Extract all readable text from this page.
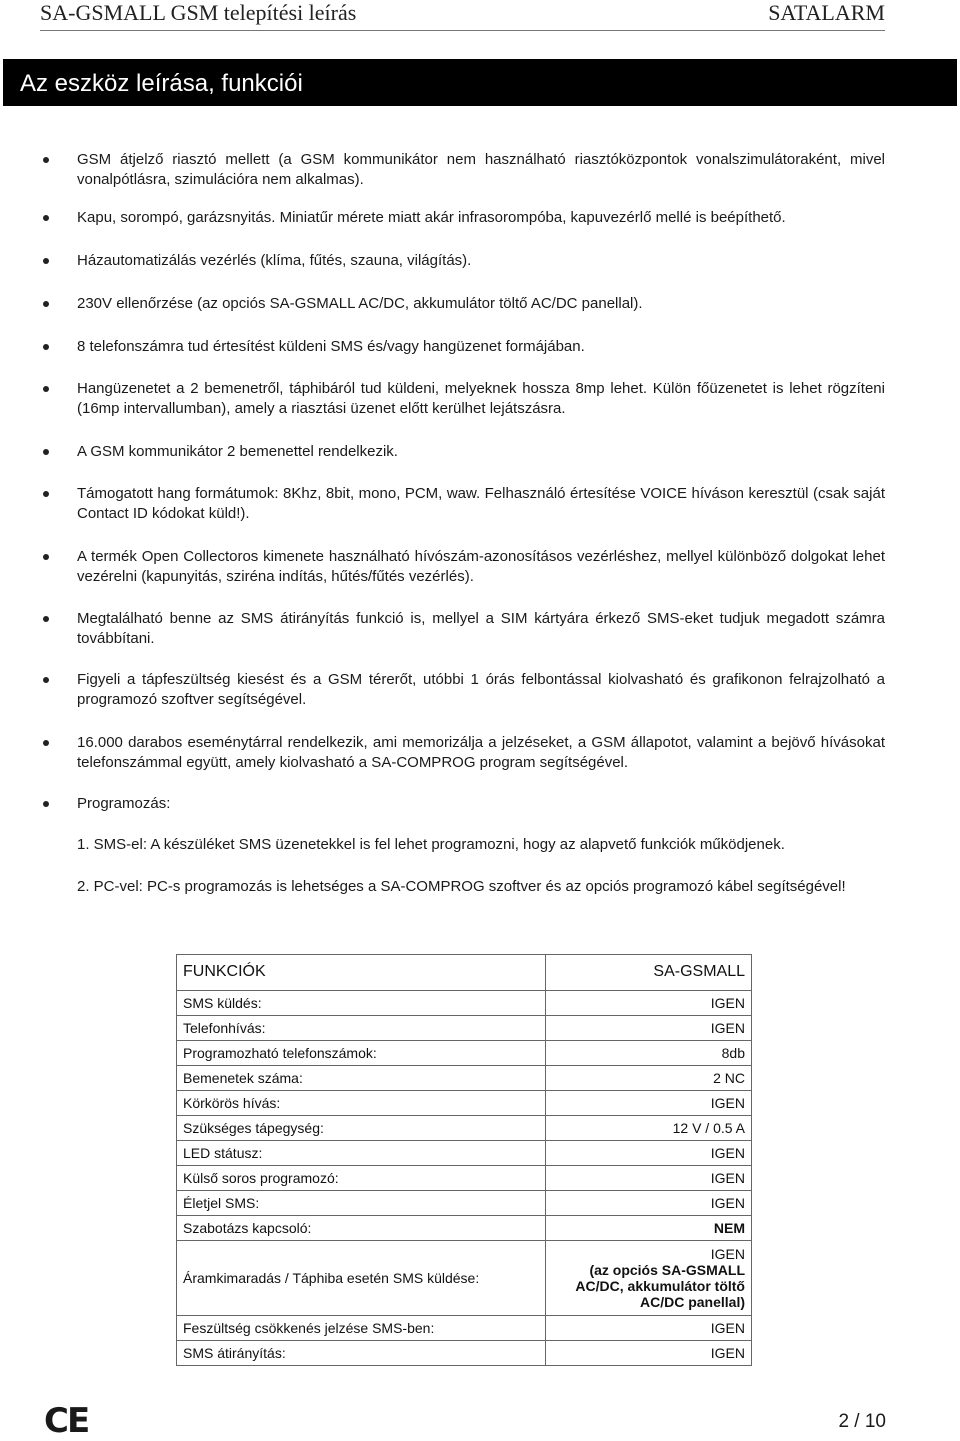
SA-GSMALL GSM telepítési leírás	SATALARM
Az eszköz leírása, funkciói
GSM átjelző riasztó mellett (a GSM kommunikátor nem használható riasztóközpontok vonalszimulátoraként, mivel vonalpótlásra, szimulációra nem alkalmas).
Kapu, sorompó, garázsnyitás. Miniatűr mérete miatt akár infrasorompóba, kapuvezérlő mellé is beépíthető.
Házautomatizálás vezérlés (klíma, fűtés, szauna, világítás).
230V ellenőrzése (az opciós SA-GSMALL AC/DC, akkumulátor töltő AC/DC panellal).
8 telefonszámra tud értesítést küldeni SMS és/vagy hangüzenet formájában.
Hangüzenetet a 2 bemenetről, táphibáról tud küldeni, melyeknek hossza 8mp lehet. Külön főüzenetet is lehet rögzíteni (16mp intervallumban), amely a riasztási üzenet előtt kerülhet lejátszásra.
A GSM kommunikátor 2 bemenettel rendelkezik.
Támogatott hang formátumok: 8Khz, 8bit, mono, PCM, waw. Felhasználó értesítése VOICE híváson keresztül (csak saját Contact ID kódokat küld!).
A termék Open Collectoros kimenete használható hívószám-azonosításos vezérléshez, mellyel különböző dolgokat lehet vezérelni (kapunyitás, sziréna indítás, hűtés/fűtés vezérlés).
Megtalálható benne az SMS átirányítás funkció is, mellyel a SIM kártyára érkező SMS-eket tudjuk megadott számra továbbítani.
Figyeli a tápfeszültség kiesést és a GSM térerőt, utóbbi 1 órás felbontással kiolvasható és grafikonon felrajzolható a programozó szoftver segítségével.
16.000 darabos eseménytárral rendelkezik, ami memorizálja a jelzéseket, a GSM állapotot, valamint a bejövő hívásokat telefonszámmal együtt, amely kiolvasható a SA-COMPROG program segítségével.
Programozás:
1. SMS-el: A készüléket SMS üzenetekkel is fel lehet programozni, hogy az alapvető funkciók működjenek.
2. PC-vel: PC-s programozás is lehetséges a SA-COMPROG szoftver és az opciós programozó kábel segítségével!
FUNKCIÓK	SA-GSMALL
SMS küldés:	IGEN
Telefonhívás:	IGEN
Programozható telefonszámok:	8db
Bemenetek száma:	2 NC
Körkörös hívás:	IGEN
Szükséges tápegység:	12 V / 0.5 A
LED státusz:	IGEN
Külső soros programozó:	IGEN
Életjel SMS:	IGEN
Szabotázs kapcsoló:	NEM
Áramkimaradás / Táphiba esetén SMS küldése:	IGEN
(az opciós SA-GSMALL AC/DC, akkumulátor töltő AC/DC panellal)

Feszültség csökkenés jelzése SMS-ben:	IGEN
SMS átirányítás:	IGEN
CE	2 / 10
